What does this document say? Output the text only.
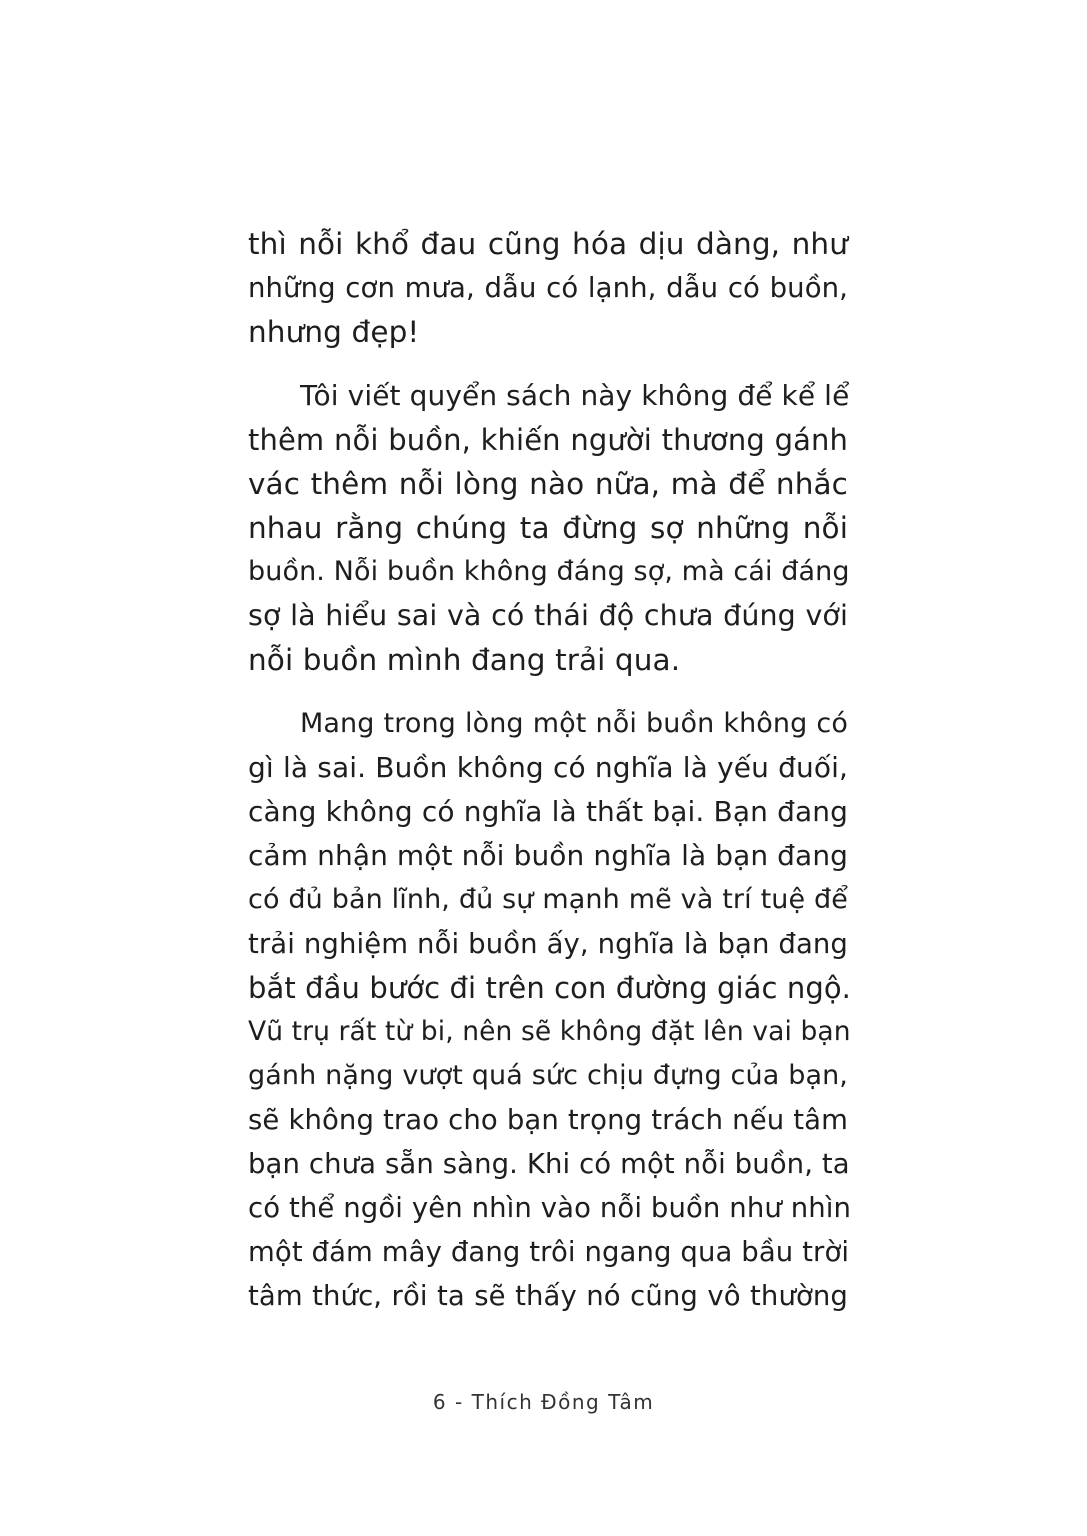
thì nỗi khổ đau cũng hóa dịu dàng, như
những cơn mưa, dẫu có lạnh, dẫu có buồn,
nhưng đẹp!
Tôi viết quyển sách này không để kể lể
thêm nỗi buồn, khiến người thương gánh
vác thêm nỗi lòng nào nữa, mà để nhắc
nhau rằng chúng ta đừng sợ những nỗi
buồn. Nỗi buồn không đáng sợ, mà cái đáng
sợ là hiểu sai và có thái độ chưa đúng với
nỗi buồn mình đang trải qua.
Mang trong lòng một nỗi buồn không có
gì là sai. Buồn không có nghĩa là yếu đuối,
càng không có nghĩa là thất bại. Bạn đang
cảm nhận một nỗi buồn nghĩa là bạn đang
có đủ bản lĩnh, đủ sự mạnh mẽ và trí tuệ để
trải nghiệm nỗi buồn ấy, nghĩa là bạn đang
bắt đầu bước đi trên con đường giác ngộ.
Vũ trụ rất từ bi, nên sẽ không đặt lên vai bạn
gánh nặng vượt quá sức chịu đựng của bạn,
sẽ không trao cho bạn trọng trách nếu tâm
bạn chưa sẵn sàng. Khi có một nỗi buồn, ta
có thể ngồi yên nhìn vào nỗi buồn như nhìn
một đám mây đang trôi ngang qua bầu trời
tâm thức, rồi ta sẽ thấy nó cũng vô thường
6 - Thích Đồng Tâm
